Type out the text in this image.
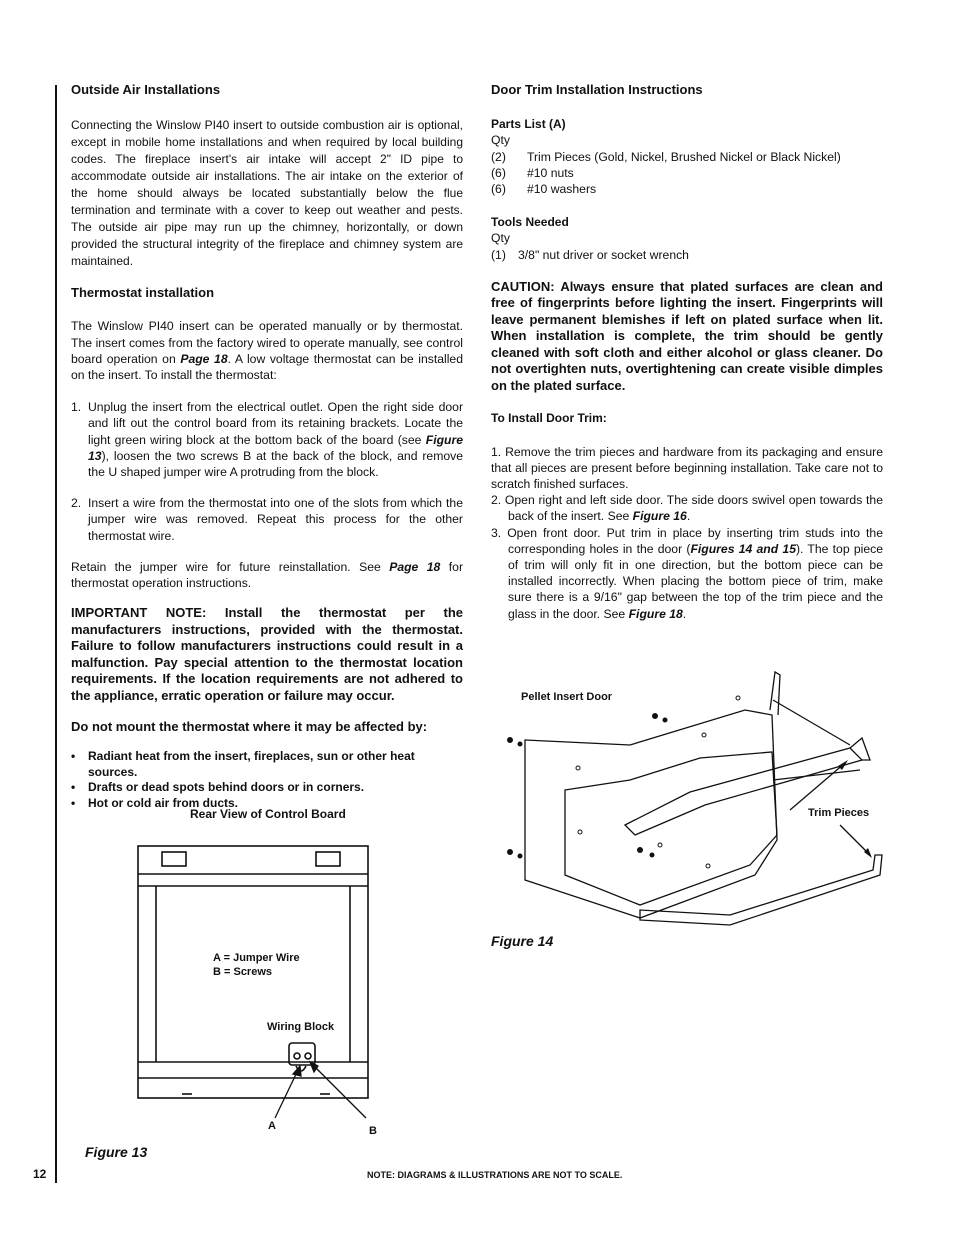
12
Outside Air Installations

Connecting the Winslow PI40 insert to outside combustion air is optional, except in mobile home installations and when required by local building codes. The fireplace insert's air intake will accept 2" ID pipe to accommodate outside air installations. The air intake on the exterior of the home should always be located substantially below the flue termination and terminate with a cover to keep out weather and pests. The outside air pipe may run up the chimney, horizontally, or down provided the structural integrity of the fireplace and chimney system are maintained.

Thermostat installation

The Winslow PI40 insert can be operated manually or by thermostat. The insert comes from the factory wired to operate manually, see control board operation on Page 18. A low voltage thermostat can be installed on the insert. To install the thermostat:

1. Unplug the insert from the electrical outlet. Open the right side door and lift out the control board from its retaining brackets. Locate the light green wiring block at the bottom back of the board (see Figure 13), loosen the two screws B at the back of the block, and remove the U shaped jumper wire A protruding from the block.
2. Insert a wire from the thermostat into one of the slots from which the jumper wire was removed. Repeat this process for the other thermostat wire.

Retain the jumper wire for future reinstallation. See Page 18 for thermostat operation instructions.

IMPORTANT NOTE: Install the thermostat per the manufacturers instructions, provided with the thermostat. Failure to follow manufacturers instructions could result in a malfunction. Pay special attention to the thermostat location requirements. If the location requirements are not adhered to the appliance, erratic operation or failure may occur.

Do not mount the thermostat where it may be affected by:

• Radiant heat from the insert, fireplaces, sun or other heat sources.
• Drafts or dead spots behind doors or in corners.
• Hot or cold air from ducts.
Rear View of Control Board
A = Jumper Wire
B = Screws
Wiring Block
A	B
Figure 13
Door Trim Installation Instructions
Parts List (A)
Qty
(2) Trim Pieces (Gold, Nickel, Brushed Nickel or Black Nickel)
(6) #10 nuts
(6) #10 washers
Tools Needed
Qty
(1) 3/8" nut driver or socket wrench

CAUTION: Always ensure that plated surfaces are clean and free of fingerprints before lighting the insert. Fingerprints will leave permanent blemishes if left on plated surface when lit. When installation is complete, the trim should be gently cleaned with soft cloth and either alcohol or glass cleaner. Do not overtighten nuts, overtightening can create visible dimples on the plated surface.

To Install Door Trim:

1. Remove the trim pieces and hardware from its packaging and ensure that all pieces are present before beginning installation. Take care not to scratch finished surfaces.

2. Open right and left side door. The side doors swivel open towards the back of the insert. See Figure 16.

3. Open front door. Put trim in place by inserting trim studs into the corresponding holes in the door (Figures 14 and 15). The top piece of trim will only fit in one direction, but the bottom piece can be installed incorrectly. When placing the bottom piece of trim, make sure there is a 9/16" gap between the top of the trim piece and the glass in the door. See Figure 18.

Pellet Insert Door
Trim Pieces
Figure 14
NOTE: DIAGRAMS & ILLUSTRATIONS ARE NOT TO SCALE.
